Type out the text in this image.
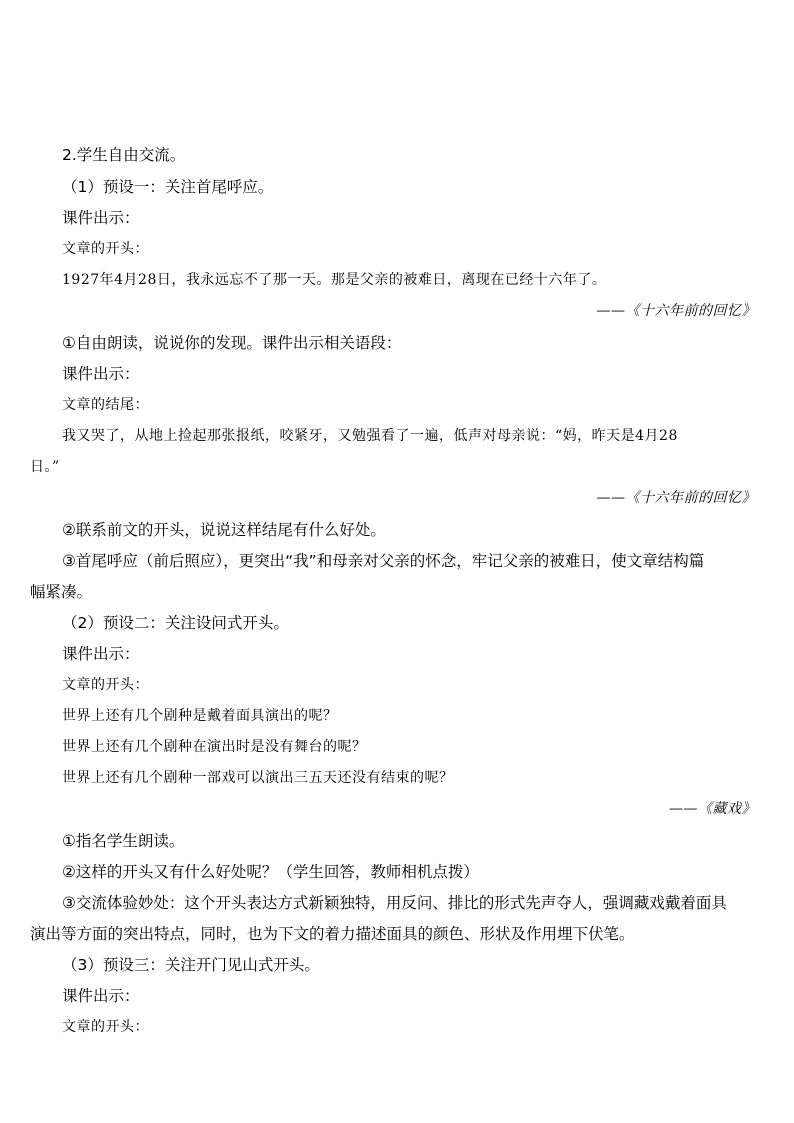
2.学生自由交流。

（1）预设一：关注首尾呼应。

课件出示：

文章的开头：

1927年4月28日，我永远忘不了那一天。那是父亲的被难日，离现在已经十六年了。

——《十六年前的回忆》

①自由朗读，说说你的发现。课件出示相关语段：

课件出示：

文章的结尾：

我又哭了，从地上捡起那张报纸，咬紧牙，又勉强看了一遍，低声对母亲说：“妈，昨天是4月28

日。”

——《十六年前的回忆》

②联系前文的开头，说说这样结尾有什么好处。

③首尾呼应（前后照应），更突出“我”和母亲对父亲的怀念，牢记父亲的被难日，使文章结构篇

幅紧凑。

（2）预设二：关注设问式开头。

课件出示：

文章的开头：

世界上还有几个剧种是戴着面具演出的呢？

世界上还有几个剧种在演出时是没有舞台的呢？

世界上还有几个剧种一部戏可以演出三五天还没有结束的呢？

——《藏戏》

①指名学生朗读。

②这样的开头又有什么好处呢？（学生回答，教师相机点拨）

③交流体验妙处：这个开头表达方式新颖独特，用反问、排比的形式先声夺人，强调藏戏戴着面具

演出等方面的突出特点，同时，也为下文的着力描述面具的颜色、形状及作用埋下伏笔。

（3）预设三：关注开门见山式开头。

课件出示：

文章的开头：
